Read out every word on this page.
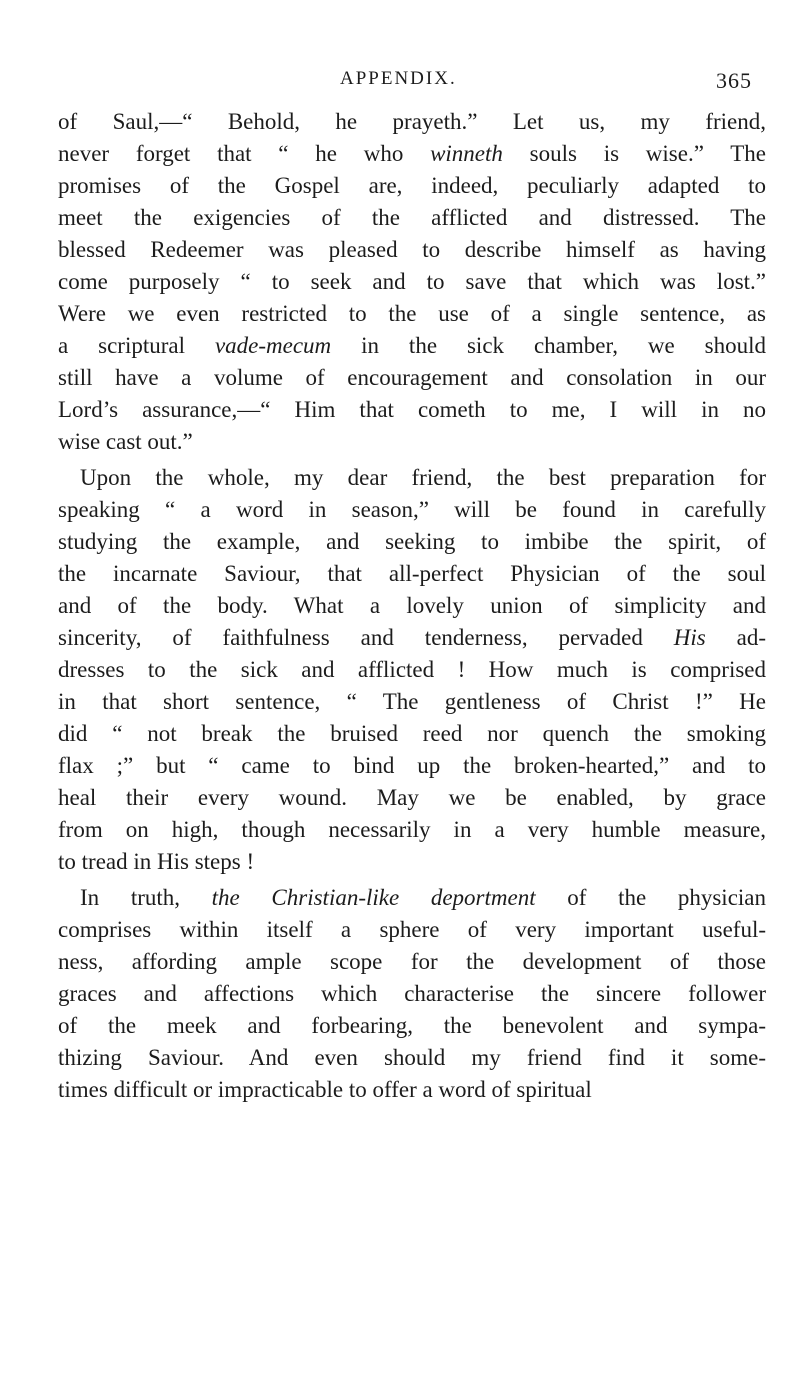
APPENDIX.	365
of Saul,—“ Behold, he prayeth.” Let us, my friend,
never forget that “ he who winneth souls is wise.” The
promises of the Gospel are, indeed, peculiarly adapted to
meet the exigencies of the afflicted and distressed. The
blessed Redeemer was pleased to describe himself as having
come purposely “ to seek and to save that which was lost.”
Were we even restricted to the use of a single sentence, as
a scriptural vade-mecum in the sick chamber, we should
still have a volume of encouragement and consolation in our
Lord’s assurance,—“ Him that cometh to me, I will in no
wise cast out.”
Upon the whole, my dear friend, the best preparation for
speaking “ a word in season,” will be found in carefully
studying the example, and seeking to imbibe the spirit, of
the incarnate Saviour, that all-perfect Physician of the soul
and of the body. What a lovely union of simplicity and
sincerity, of faithfulness and tenderness, pervaded His ad-
dresses to the sick and afflicted ! How much is comprised
in that short sentence, “ The gentleness of Christ !” He
did “ not break the bruised reed nor quench the smoking
flax ;” but “ came to bind up the broken-hearted,” and to
heal their every wound. May we be enabled, by grace
from on high, though necessarily in a very humble measure,
to tread in His steps !
In truth, the Christian-like deportment of the physician
comprises within itself a sphere of very important useful-
ness, affording ample scope for the development of those
graces and affections which characterise the sincere follower
of the meek and forbearing, the benevolent and sympa-
thizing Saviour. And even should my friend find it some-
times difficult or impracticable to offer a word of spiritual
